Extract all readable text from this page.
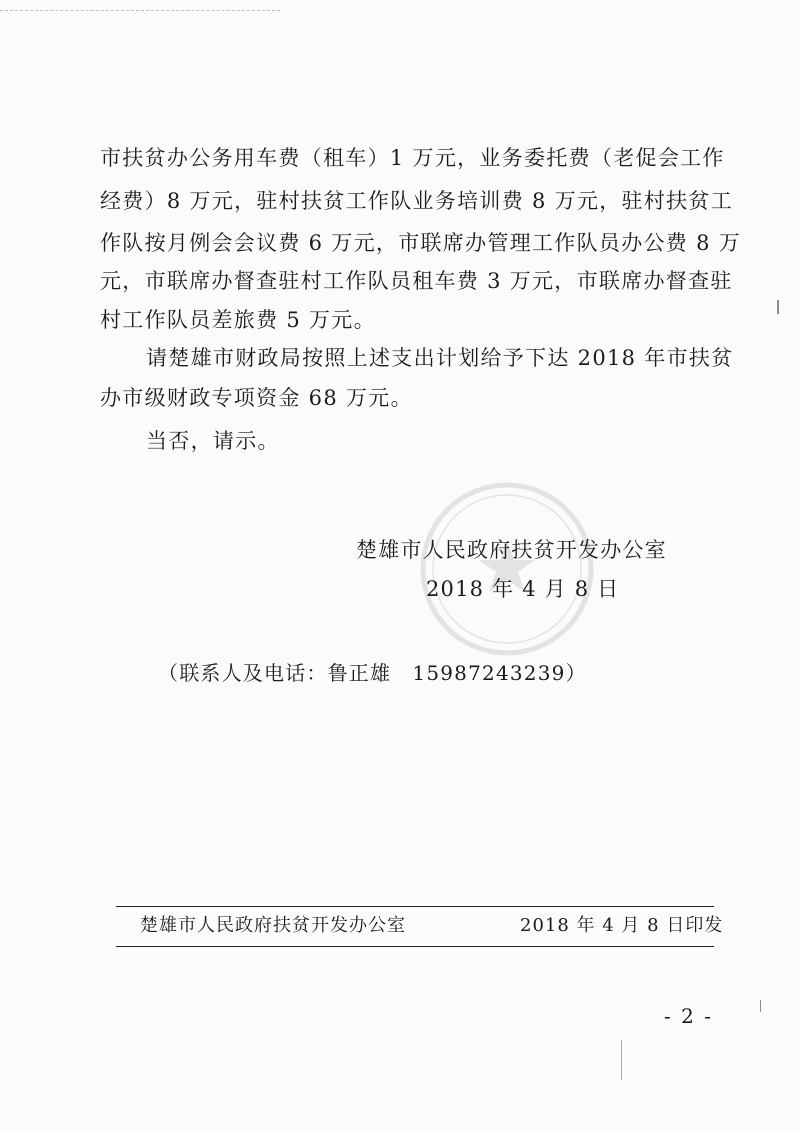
市扶贫办公务用车费（租车）1 万元，业务委托费（老促会工作
经费）8 万元，驻村扶贫工作队业务培训费 8 万元，驻村扶贫工
作队按月例会会议费 6 万元，市联席办管理工作队员办公费 8 万
元，市联席办督查驻村工作队员租车费 3 万元，市联席办督查驻
村工作队员差旅费 5 万元。
请楚雄市财政局按照上述支出计划给予下达 2018 年市扶贫
办市级财政专项资金 68 万元。
当否，请示。
楚雄市人民政府扶贫开发办公室
2018 年 4 月 8 日
（联系人及电话：鲁正雄　15987243239）
楚雄市人民政府扶贫开发办公室	2018 年 4 月 8 日印发
- 2 -
